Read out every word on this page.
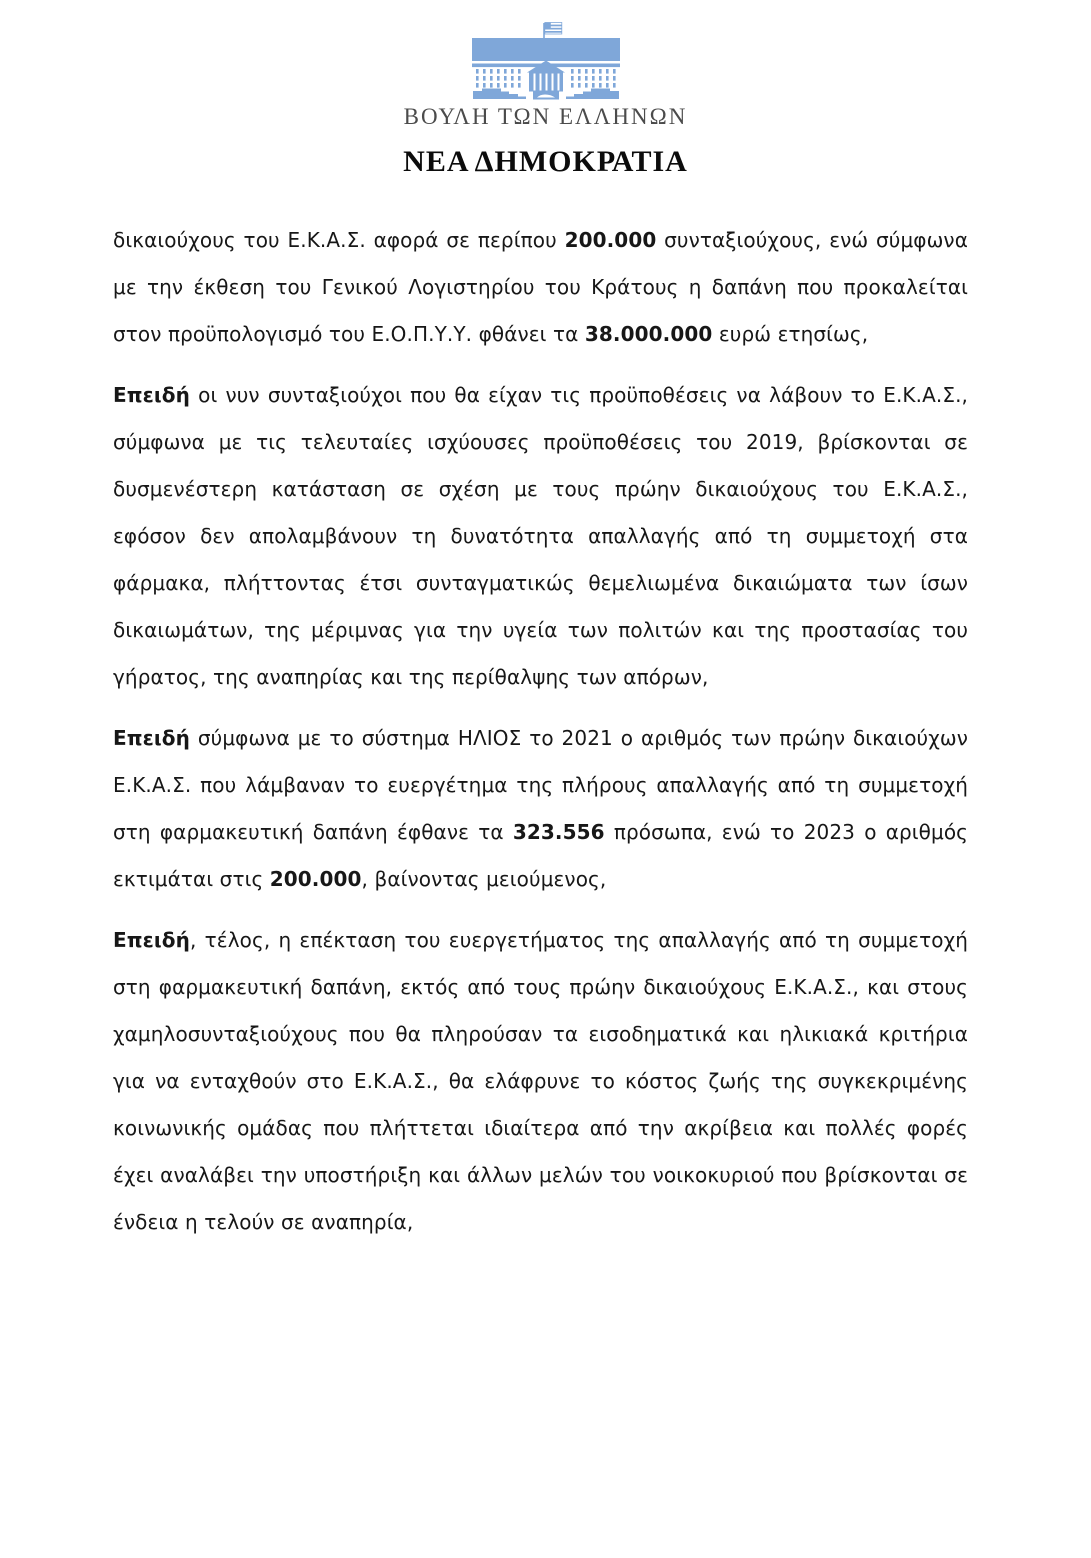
ΒΟΥΛΗ ΤΩΝ ΕΛΛΗΝΩΝ
ΝΕΑ ΔΗΜΟΚΡΑΤΙΑ

δικαιούχους του Ε.Κ.Α.Σ. αφορά σε περίπου 200.000 συνταξιούχους, ενώ σύμφωνα με την έκθεση του Γενικού Λογιστηρίου του Κράτους η δαπάνη που προκαλείται στον προϋπολογισμό του Ε.Ο.Π.Υ.Υ. φθάνει τα 38.000.000 ευρώ ετησίως,

Επειδή οι νυν συνταξιούχοι που θα είχαν τις προϋποθέσεις να λάβουν το Ε.Κ.Α.Σ., σύμφωνα με τις τελευταίες ισχύουσες προϋποθέσεις του 2019, βρίσκονται σε δυσμενέστερη κατάσταση σε σχέση με τους πρώην δικαιούχους του Ε.Κ.Α.Σ., εφόσον δεν απολαμβάνουν τη δυνατότητα απαλλαγής από τη συμμετοχή στα φάρμακα, πλήττοντας έτσι συνταγματικώς θεμελιωμένα δικαιώματα των ίσων δικαιωμάτων, της μέριμνας για την υγεία των πολιτών και της προστασίας του γήρατος, της αναπηρίας και της περίθαλψης των απόρων,

Επειδή σύμφωνα με το σύστημα ΗΛΙΟΣ το 2021 ο αριθμός των πρώην δικαιούχων Ε.Κ.Α.Σ. που λάμβαναν το ευεργέτημα της πλήρους απαλλαγής από τη συμμετοχή στη φαρμακευτική δαπάνη έφθανε τα 323.556 πρόσωπα, ενώ το 2023 ο αριθμός εκτιμάται στις 200.000, βαίνοντας μειούμενος,

Επειδή, τέλος, η επέκταση του ευεργετήματος της απαλλαγής από τη συμμετοχή στη φαρμακευτική δαπάνη, εκτός από τους πρώην δικαιούχους Ε.Κ.Α.Σ., και στους χαμηλοσυνταξιούχους που θα πληρούσαν τα εισοδηματικά και ηλικιακά κριτήρια για να ενταχθούν στο Ε.Κ.Α.Σ., θα ελάφρυνε το κόστος ζωής της συγκεκριμένης κοινωνικής ομάδας που πλήττεται ιδιαίτερα από την ακρίβεια και πολλές φορές έχει αναλάβει την υποστήριξη και άλλων μελών του νοικοκυριού που βρίσκονται σε ένδεια η τελούν σε αναπηρία,
